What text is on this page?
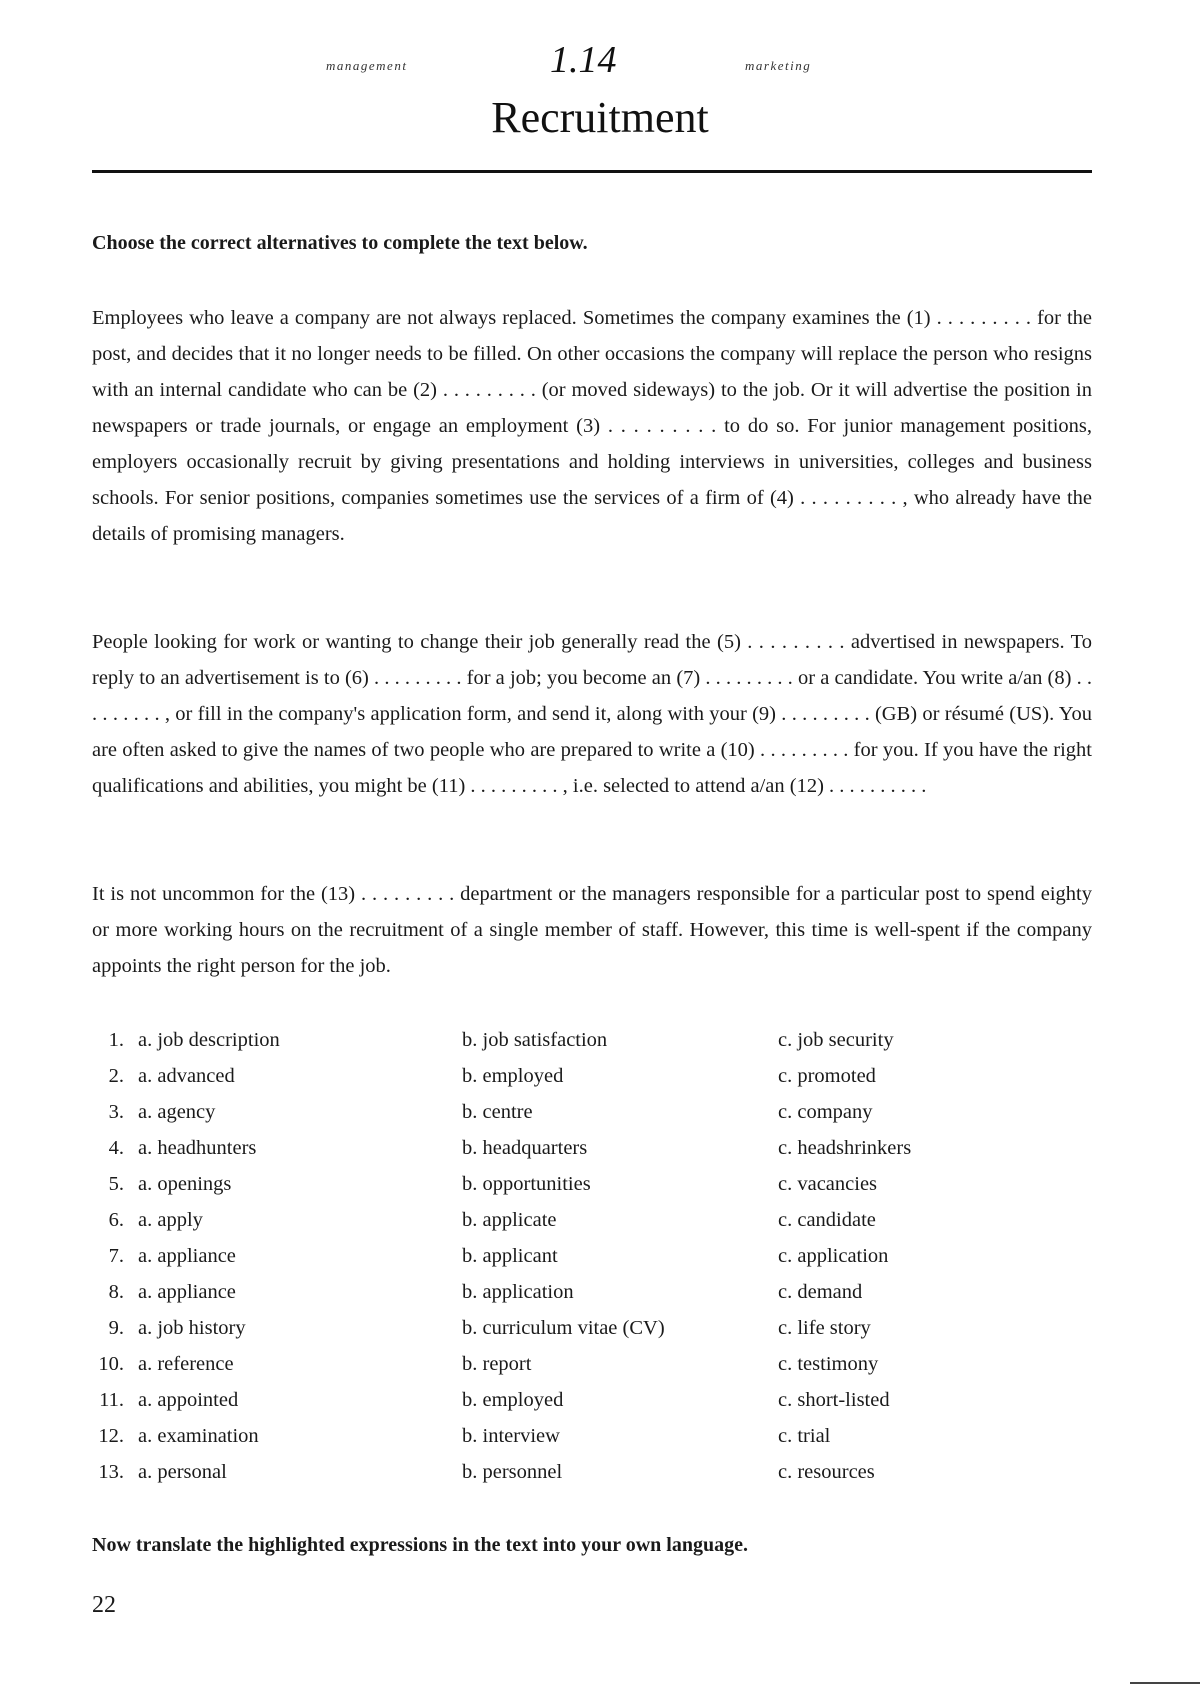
management	1.14	marketing
Recruitment
Choose the correct alternatives to complete the text below.

Employees who leave a company are not always replaced. Sometimes the company examines the (1) . . . . . . . . . for the post, and decides that it no longer needs to be filled. On other occasions the company will replace the person who resigns with an internal candidate who can be (2) . . . . . . . . . (or moved sideways) to the job. Or it will advertise the position in newspapers or trade journals, or engage an employment (3) . . . . . . . . . to do so. For junior management positions, employers occasionally recruit by giving presentations and holding interviews in universities, colleges and business schools. For senior positions, companies sometimes use the services of a firm of (4) . . . . . . . . . , who already have the details of promising managers.

People looking for work or wanting to change their job generally read the (5) . . . . . . . . . advertised in newspapers. To reply to an advertisement is to (6) . . . . . . . . . for a job; you become an (7) . . . . . . . . . or a candidate. You write a/an (8) . . . . . . . . . , or fill in the company's application form, and send it, along with your (9) . . . . . . . . . (GB) or résumé (US). You are often asked to give the names of two people who are prepared to write a (10) . . . . . . . . . for you. If you have the right qualifications and abilities, you might be (11) . . . . . . . . . , i.e. selected to attend a/an (12) . . . . . . . . . .

It is not uncommon for the (13) . . . . . . . . . department or the managers responsible for a particular post to spend eighty or more working hours on the recruitment of a single member of staff. However, this time is well-spent if the company appoints the right person for the job.

1. a. job description	b. job satisfaction	c. job security
2. a. advanced	b. employed	c. promoted
3. a. agency	b. centre	c. company
4. a. headhunters	b. headquarters	c. headshrinkers
5. a. openings	b. opportunities	c. vacancies
6. a. apply	b. applicate	c. candidate
7. a. appliance	b. applicant	c. application
8. a. appliance	b. application	c. demand
9. a. job history	b. curriculum vitae (CV)	c. life story
10. a. reference	b. report	c. testimony
11. a. appointed	b. employed	c. short-listed
12. a. examination	b. interview	c. trial
13. a. personal	b. personnel	c. resources
Now translate the highlighted expressions in the text into your own language.
22
